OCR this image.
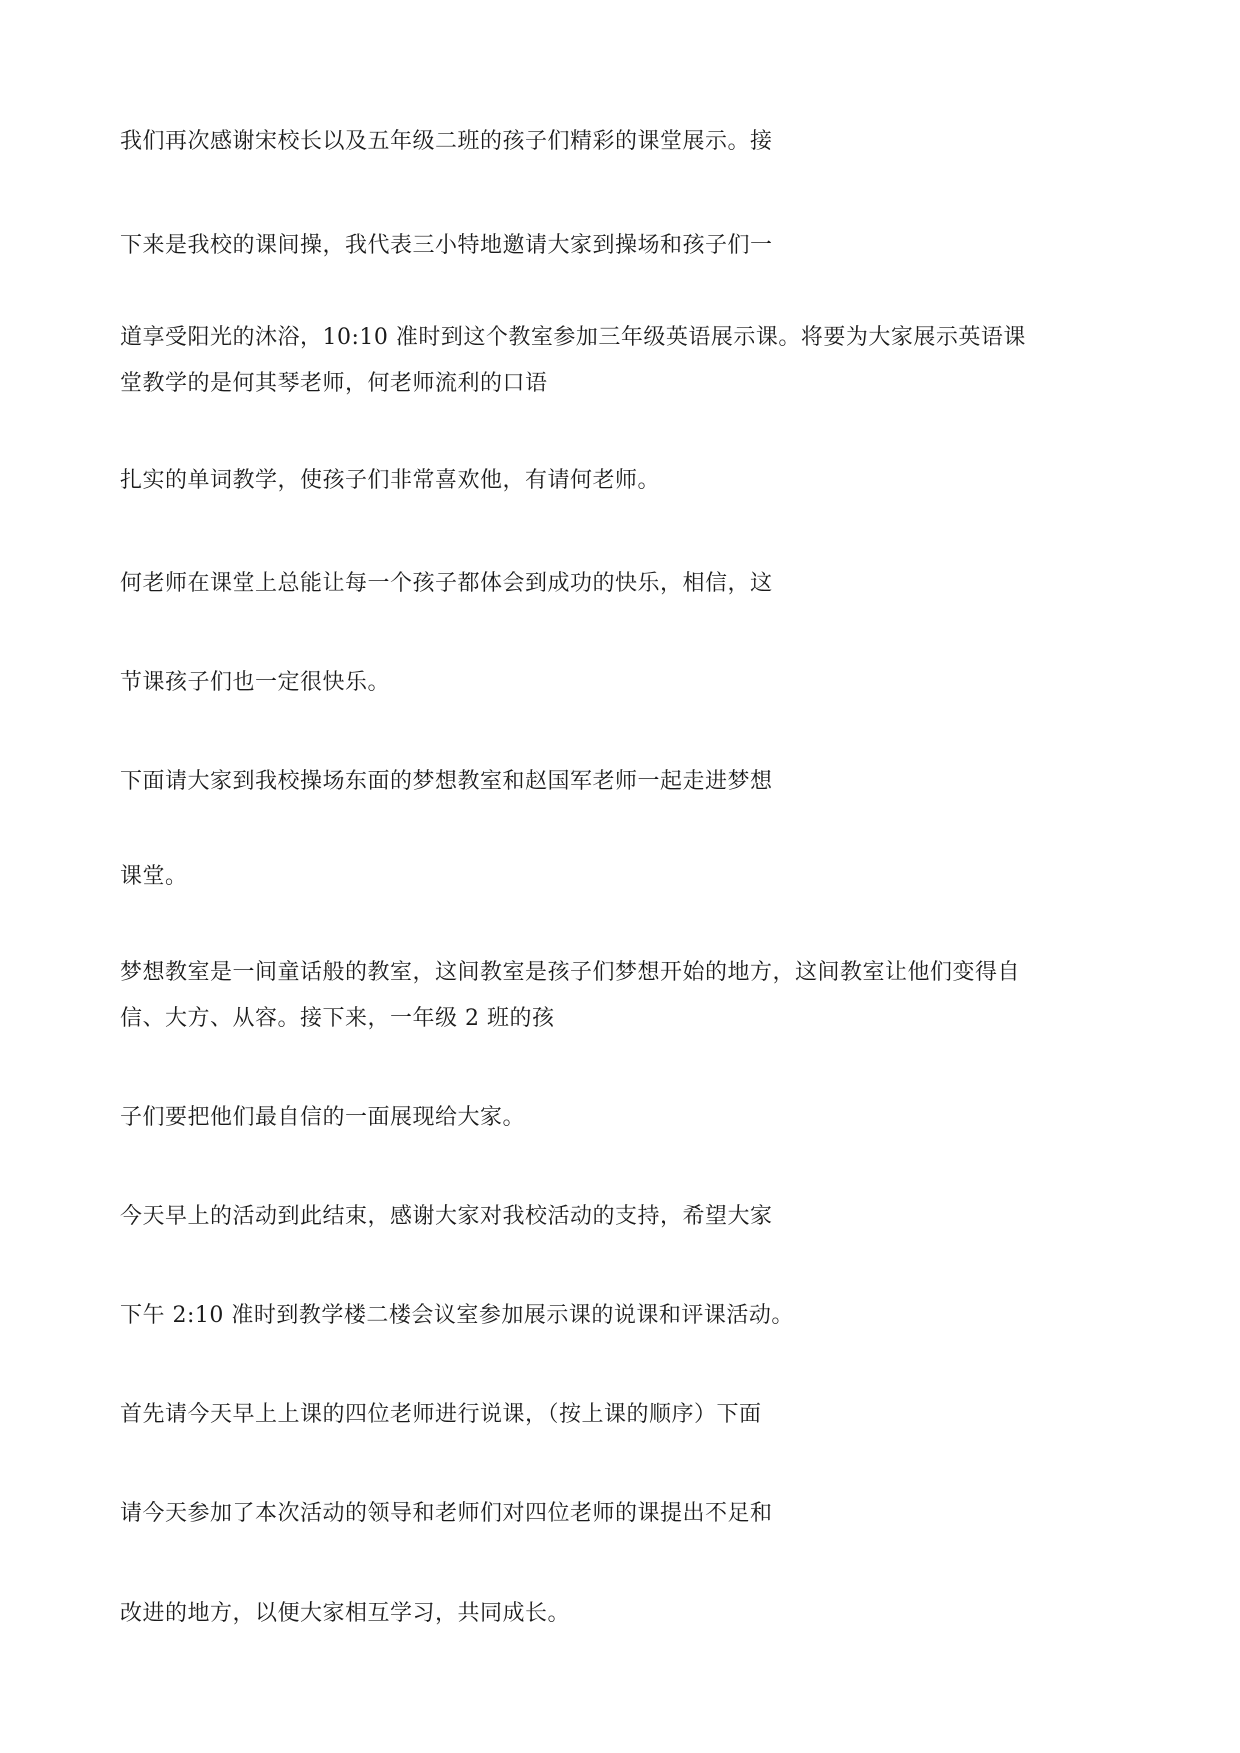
我们再次感谢宋校长以及五年级二班的孩子们精彩的课堂展示。接
下来是我校的课间操，我代表三小特地邀请大家到操场和孩子们一
道享受阳光的沐浴，10:10 准时到这个教室参加三年级英语展示课。将要为大家展示英语课
堂教学的是何其琴老师，何老师流利的口语
扎实的单词教学，使孩子们非常喜欢他，有请何老师。
何老师在课堂上总能让每一个孩子都体会到成功的快乐，相信，这
节课孩子们也一定很快乐。
下面请大家到我校操场东面的梦想教室和赵国军老师一起走进梦想
课堂。
梦想教室是一间童话般的教室，这间教室是孩子们梦想开始的地方，这间教室让他们变得自
信、大方、从容。接下来，一年级 2 班的孩
子们要把他们最自信的一面展现给大家。
今天早上的活动到此结束，感谢大家对我校活动的支持，希望大家
下午 2:10 准时到教学楼二楼会议室参加展示课的说课和评课活动。
首先请今天早上上课的四位老师进行说课，（按上课的顺序）下面
请今天参加了本次活动的领导和老师们对四位老师的课提出不足和
改进的地方，以便大家相互学习，共同成长。
